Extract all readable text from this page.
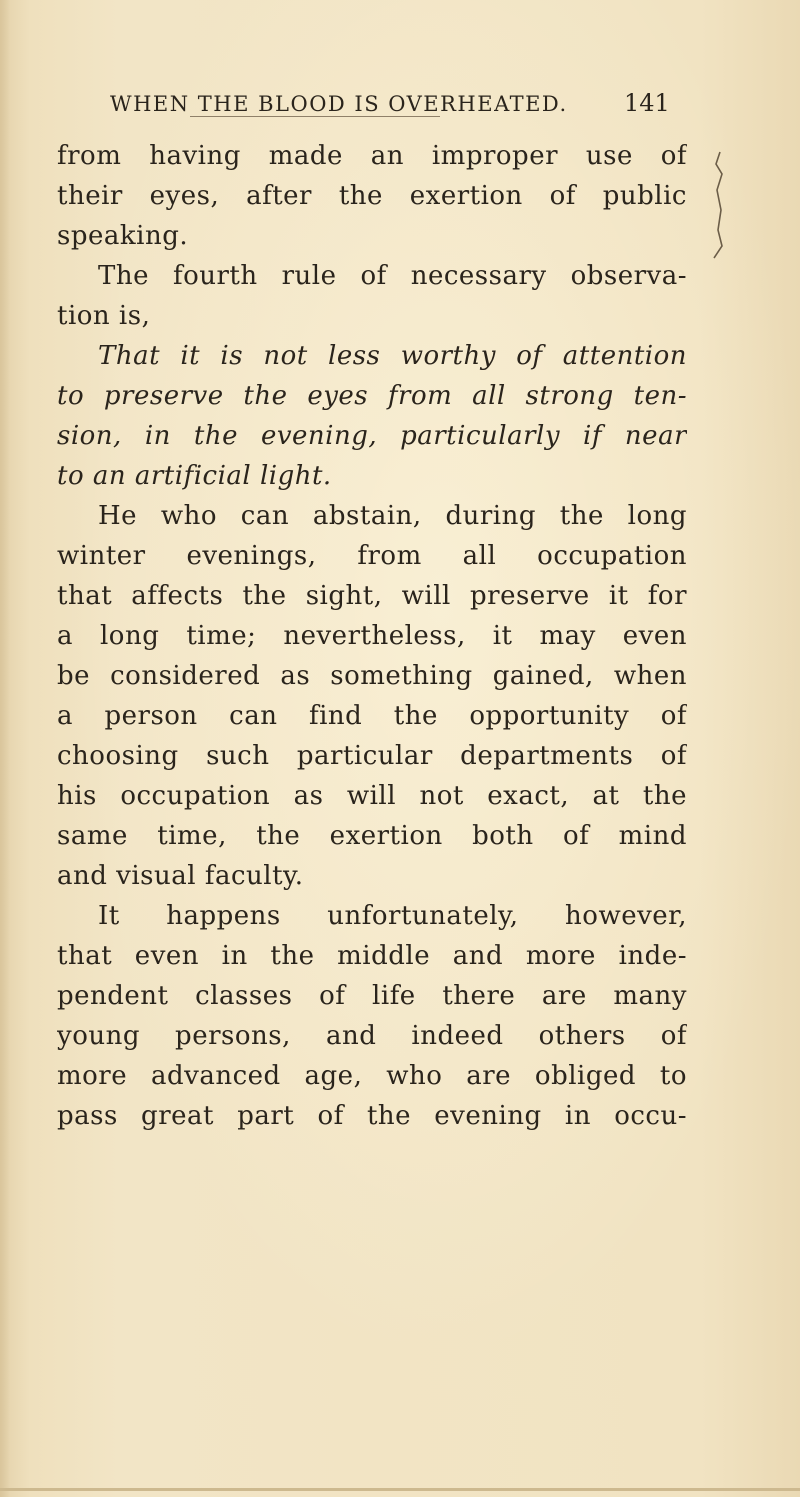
WHEN THE BLOOD IS OVERHEATED. 141
from having made an improper use of
their eyes, after the exertion of public
speaking.
The fourth rule of necessary observa-
tion is,
That it is not less worthy of attention
to preserve the eyes from all strong ten-
sion, in the evening, particularly if near
to an artificial light.
He who can abstain, during the long
winter evenings, from all occupation
that affects the sight, will preserve it for
a long time; nevertheless, it may even
be considered as something gained, when
a person can find the opportunity of
choosing such particular departments of
his occupation as will not exact, at the
same time, the exertion both of mind
and visual faculty.
It happens unfortunately, however,
that even in the middle and more inde-
pendent classes of life there are many
young persons, and indeed others of
more advanced age, who are obliged to
pass great part of the evening in occu-
